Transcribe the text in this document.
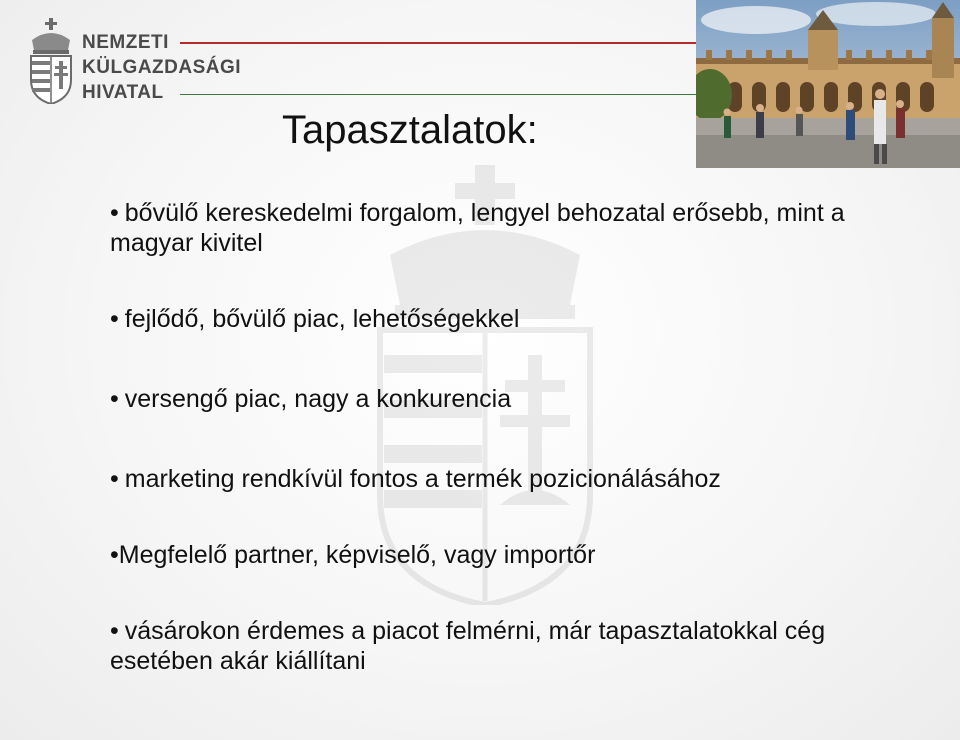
NEMZETI
KÜLGAZDASÁGI
HIVATAL
Tapasztalatok:
• bővülő kereskedelmi forgalom, lengyel behozatal erősebb, mint a magyar kivitel
• fejlődő, bővülő piac, lehetőségekkel
• versengő piac, nagy a konkurencia
• marketing rendkívül fontos a termék pozicionálásához
•Megfelelő partner, képviselő, vagy importőr
• vásárokon érdemes a piacot felmérni, már tapasztalatokkal cég esetében akár kiállítani
